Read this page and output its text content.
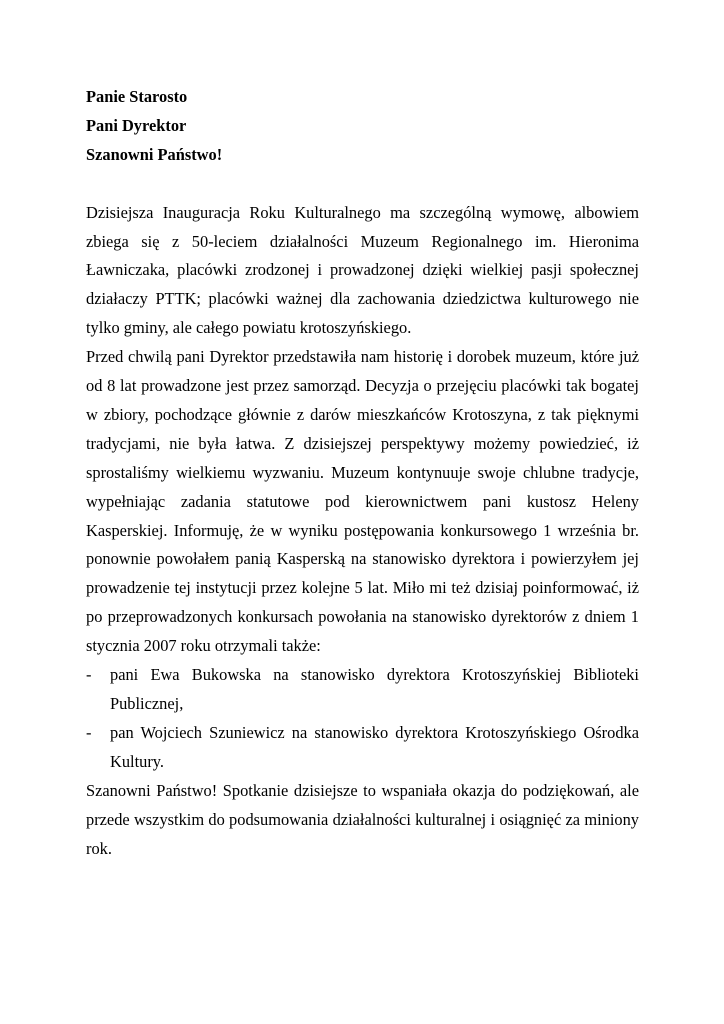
Panie Starosto

Pani Dyrektor

Szanowni Państwo!

Dzisiejsza Inauguracja Roku Kulturalnego ma szczególną wymowę, albowiem zbiega się z 50-leciem działalności Muzeum Regionalnego im. Hieronima Ławniczaka, placówki zrodzonej i prowadzonej dzięki wielkiej pasji społecznej działaczy PTTK; placówki ważnej dla zachowania dziedzictwa kulturowego nie tylko gminy, ale całego powiatu krotoszyńskiego.

Przed chwilą pani Dyrektor przedstawiła nam historię i dorobek muzeum, które już od 8 lat prowadzone jest przez samorząd. Decyzja o przejęciu placówki tak bogatej w zbiory, pochodzące głównie z darów mieszkańców Krotoszyna, z tak pięknymi tradycjami, nie była łatwa. Z dzisiejszej perspektywy możemy powiedzieć, iż sprostaliśmy wielkiemu wyzwaniu. Muzeum kontynuuje swoje chlubne tradycje, wypełniając zadania statutowe pod kierownictwem pani kustosz Heleny Kasperskiej. Informuję, że w wyniku postępowania konkursowego 1 września br. ponownie powołałem panią Kasperską na stanowisko dyrektora i powierzyłem jej prowadzenie tej instytucji przez kolejne 5 lat. Miło mi też dzisiaj poinformować, iż po przeprowadzonych konkursach powołania na stanowisko dyrektorów z dniem 1 stycznia 2007 roku otrzymali także:

- pani Ewa Bukowska na stanowisko dyrektora Krotoszyńskiej Biblioteki Publicznej,
- pan Wojciech Szuniewicz na stanowisko dyrektora Krotoszyńskiego Ośrodka Kultury.

Szanowni Państwo! Spotkanie dzisiejsze to wspaniała okazja do podziękowań, ale przede wszystkim do podsumowania działalności kulturalnej i osiągnięć za miniony rok.
